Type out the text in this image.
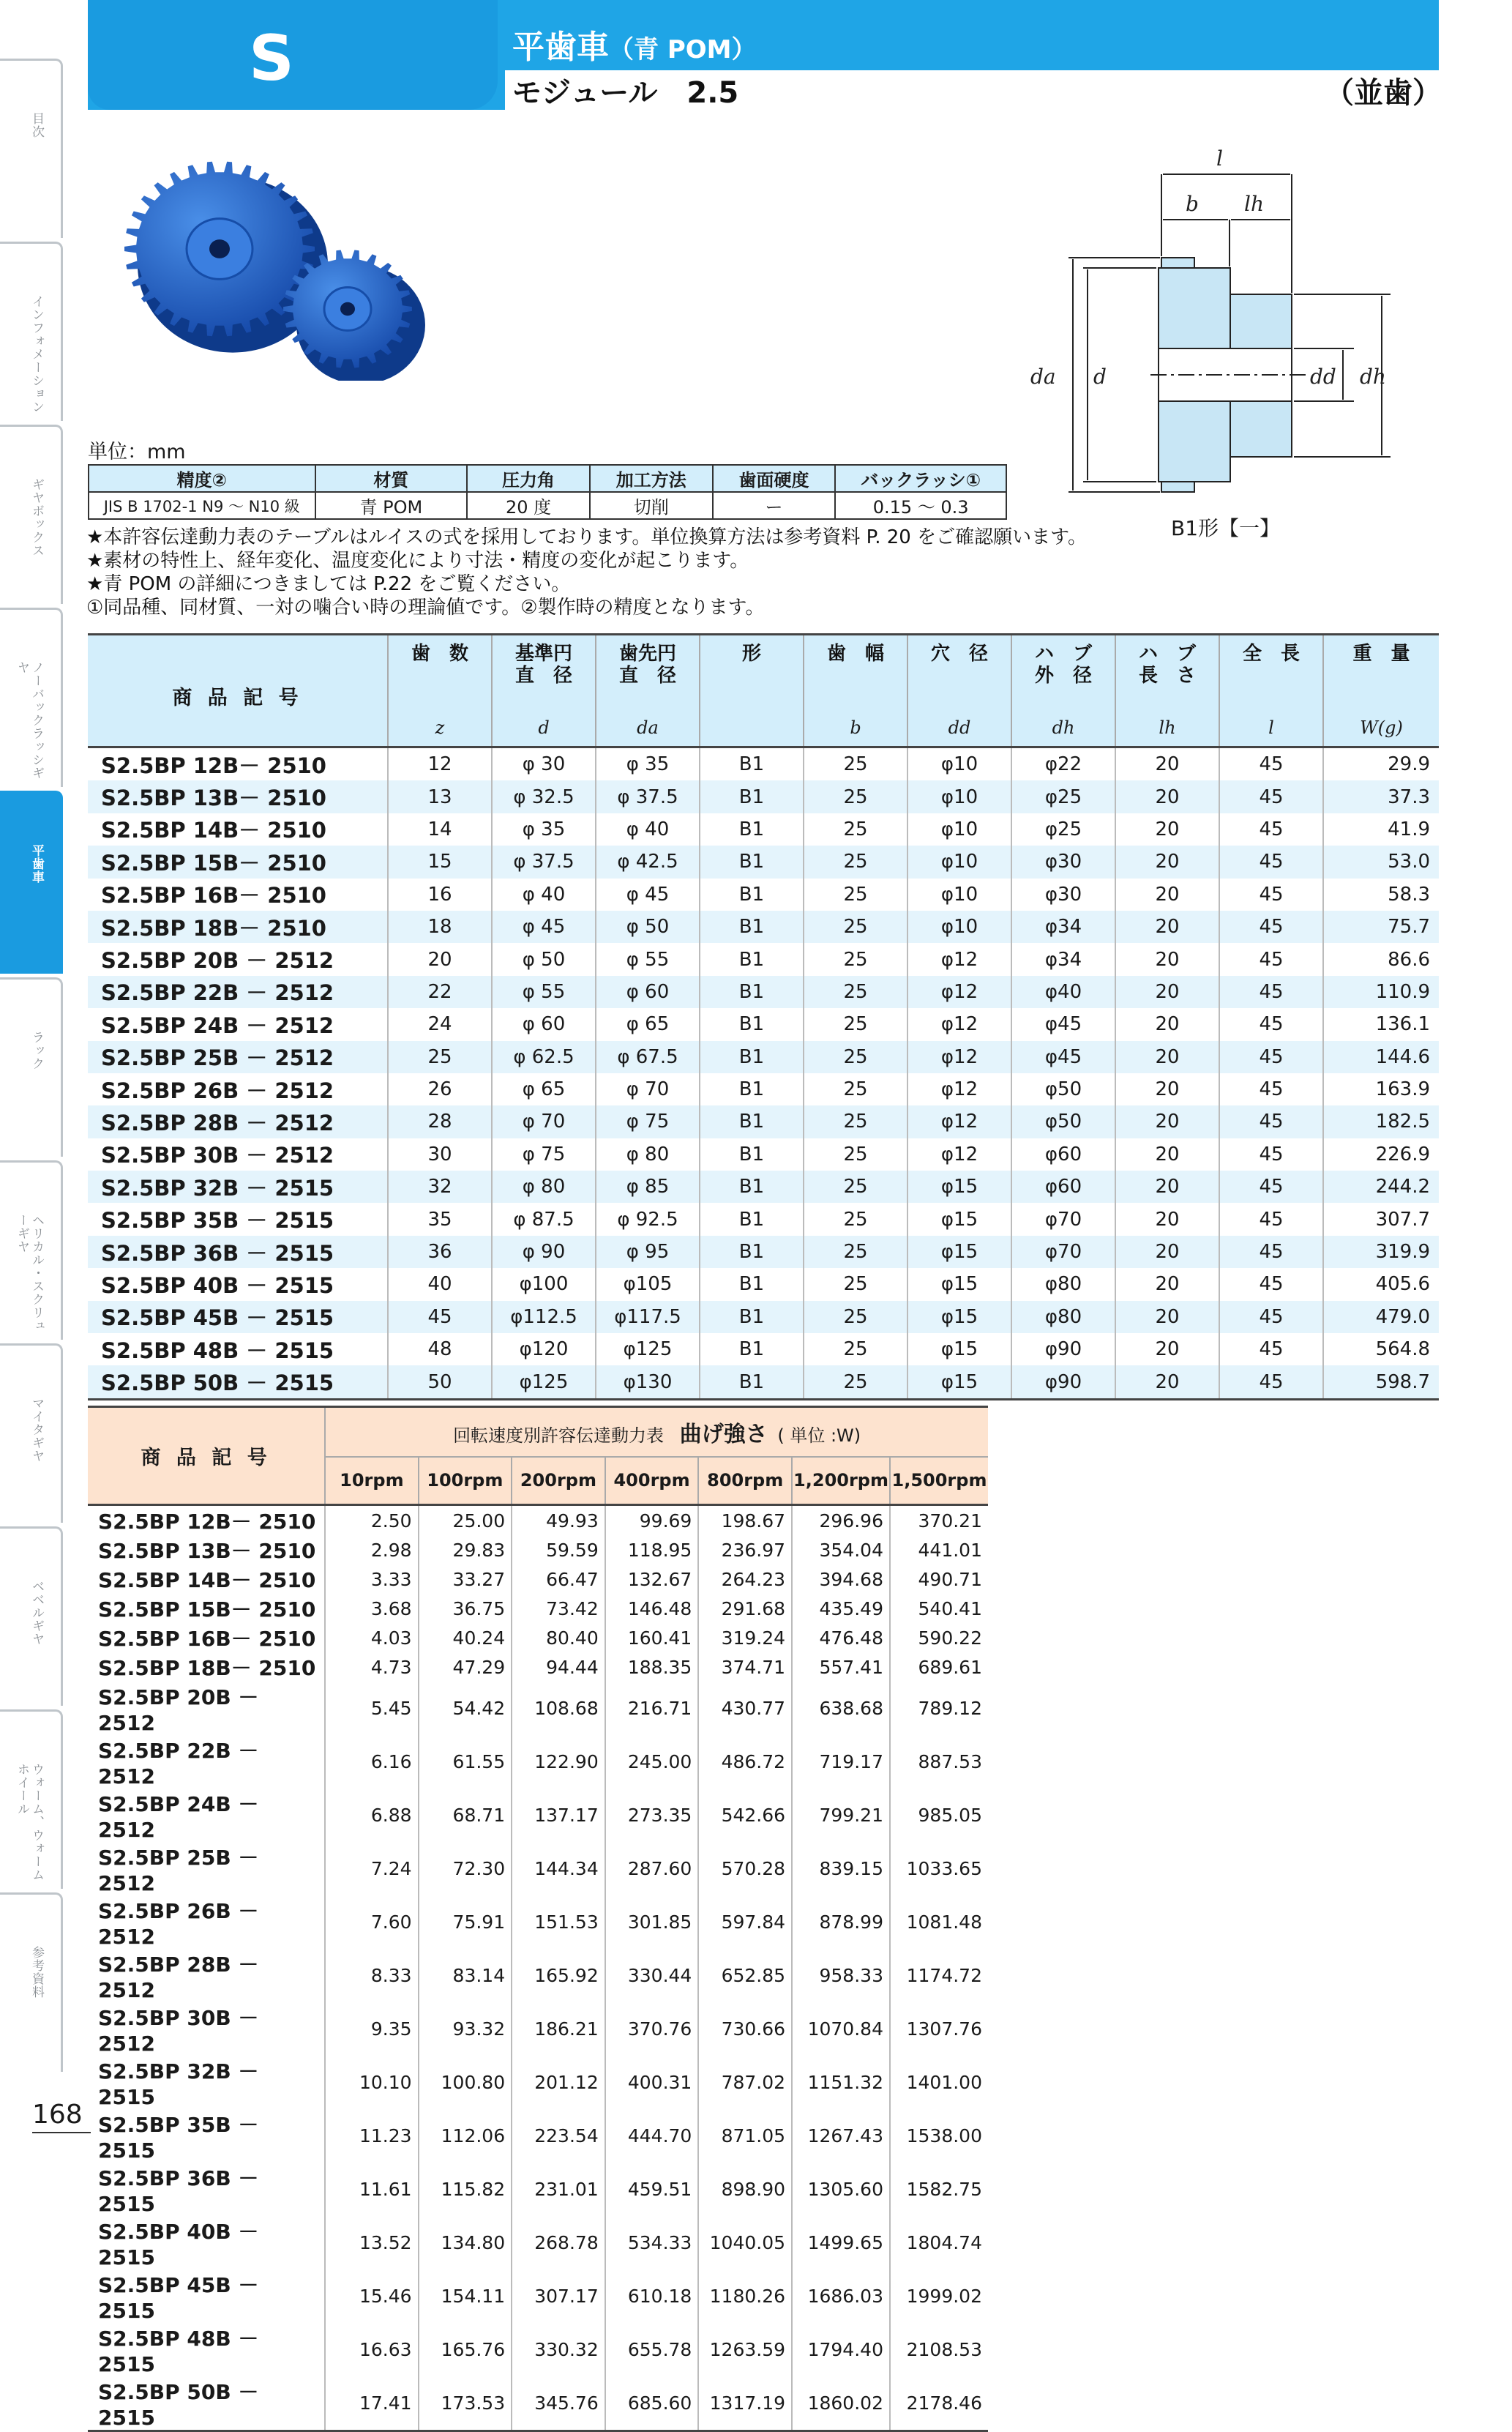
目次
インフォメーション
ギヤボックス
ノーバックラッシギヤ
平歯車
ラック
ヘリカル・スクリューギヤ
マイタギヤ
ベベルギヤ
ウォーム、ウォームホイール
参考資料
S	平歯車（青 POM）
モジュール　2.5	（並歯）
l
b lh
da d	dd dh
B1形【一】
単位：mm
精度②	材質	圧力角	加工方法	歯面硬度	バックラッシ①
JIS B 1702-1 N9 ～ N10 級	青 POM	20 度	切削	ー	0.15 ～ 0.3
★本許容伝達動力表のテーブルはルイスの式を採用しております。単位換算方法は参考資料 P. 20 をご確認願います。
★素材の特性上、経年変化、温度変化により寸法・精度の変化が起こります。
★青 POM の詳細につきましては P.22 をご覧ください。
①同品種、同材質、一対の噛合い時の理論値です。②製作時の精度となります。
商 品 記 号	歯　数	基準円
直　径	歯先円
直　径	形	歯　幅	穴　径	ハ　ブ
外　径	ハ　ブ
長　さ	全　長	重　量
	z	d	da		b	dd	dh	lh	l	W(g)
S2.5BP 12B－ 2510	12	φ 30	φ 35	B1	25	φ10	φ22	20	45	29.9
S2.5BP 13B－ 2510	13	φ 32.5	φ 37.5	B1	25	φ10	φ25	20	45	37.3
S2.5BP 14B－ 2510	14	φ 35	φ 40	B1	25	φ10	φ25	20	45	41.9
S2.5BP 15B－ 2510	15	φ 37.5	φ 42.5	B1	25	φ10	φ30	20	45	53.0
S2.5BP 16B－ 2510	16	φ 40	φ 45	B1	25	φ10	φ30	20	45	58.3
S2.5BP 18B－ 2510	18	φ 45	φ 50	B1	25	φ10	φ34	20	45	75.7
S2.5BP 20B － 2512	20	φ 50	φ 55	B1	25	φ12	φ34	20	45	86.6
S2.5BP 22B － 2512	22	φ 55	φ 60	B1	25	φ12	φ40	20	45	110.9
S2.5BP 24B － 2512	24	φ 60	φ 65	B1	25	φ12	φ45	20	45	136.1
S2.5BP 25B － 2512	25	φ 62.5	φ 67.5	B1	25	φ12	φ45	20	45	144.6
S2.5BP 26B － 2512	26	φ 65	φ 70	B1	25	φ12	φ50	20	45	163.9
S2.5BP 28B － 2512	28	φ 70	φ 75	B1	25	φ12	φ50	20	45	182.5
S2.5BP 30B － 2512	30	φ 75	φ 80	B1	25	φ12	φ60	20	45	226.9
S2.5BP 32B － 2515	32	φ 80	φ 85	B1	25	φ15	φ60	20	45	244.2
S2.5BP 35B － 2515	35	φ 87.5	φ 92.5	B1	25	φ15	φ70	20	45	307.7
S2.5BP 36B － 2515	36	φ 90	φ 95	B1	25	φ15	φ70	20	45	319.9
S2.5BP 40B － 2515	40	φ100	φ105	B1	25	φ15	φ80	20	45	405.6
S2.5BP 45B － 2515	45	φ112.5	φ117.5	B1	25	φ15	φ80	20	45	479.0
S2.5BP 48B － 2515	48	φ120	φ125	B1	25	φ15	φ90	20	45	564.8
S2.5BP 50B － 2515	50	φ125	φ130	B1	25	φ15	φ90	20	45	598.7
商 品 記 号	回転速度別許容伝達動力表 曲げ強さ ( 単位 :W)						
	10rpm	100rpm	200rpm	400rpm	800rpm	1,200rpm	1,500rpm
S2.5BP 12B－ 2510	2.50	25.00	49.93	99.69	198.67	296.96	370.21
S2.5BP 13B－ 2510	2.98	29.83	59.59	118.95	236.97	354.04	441.01
S2.5BP 14B－ 2510	3.33	33.27	66.47	132.67	264.23	394.68	490.71
S2.5BP 15B－ 2510	3.68	36.75	73.42	146.48	291.68	435.49	540.41
S2.5BP 16B－ 2510	4.03	40.24	80.40	160.41	319.24	476.48	590.22
S2.5BP 18B－ 2510	4.73	47.29	94.44	188.35	374.71	557.41	689.61
S2.5BP 20B － 2512	5.45	54.42	108.68	216.71	430.77	638.68	789.12
S2.5BP 22B － 2512	6.16	61.55	122.90	245.00	486.72	719.17	887.53
S2.5BP 24B － 2512	6.88	68.71	137.17	273.35	542.66	799.21	985.05
S2.5BP 25B － 2512	7.24	72.30	144.34	287.60	570.28	839.15	1033.65
S2.5BP 26B － 2512	7.60	75.91	151.53	301.85	597.84	878.99	1081.48
S2.5BP 28B － 2512	8.33	83.14	165.92	330.44	652.85	958.33	1174.72
S2.5BP 30B － 2512	9.35	93.32	186.21	370.76	730.66	1070.84	1307.76
S2.5BP 32B － 2515	10.10	100.80	201.12	400.31	787.02	1151.32	1401.00
S2.5BP 35B － 2515	11.23	112.06	223.54	444.70	871.05	1267.43	1538.00
S2.5BP 36B － 2515	11.61	115.82	231.01	459.51	898.90	1305.60	1582.75
S2.5BP 40B － 2515	13.52	134.80	268.78	534.33	1040.05	1499.65	1804.74
S2.5BP 45B － 2515	15.46	154.11	307.17	610.18	1180.26	1686.03	1999.02
S2.5BP 48B － 2515	16.63	165.76	330.32	655.78	1263.59	1794.40	2108.53
S2.5BP 50B － 2515	17.41	173.53	345.76	685.60	1317.19	1860.02	2178.46
168
